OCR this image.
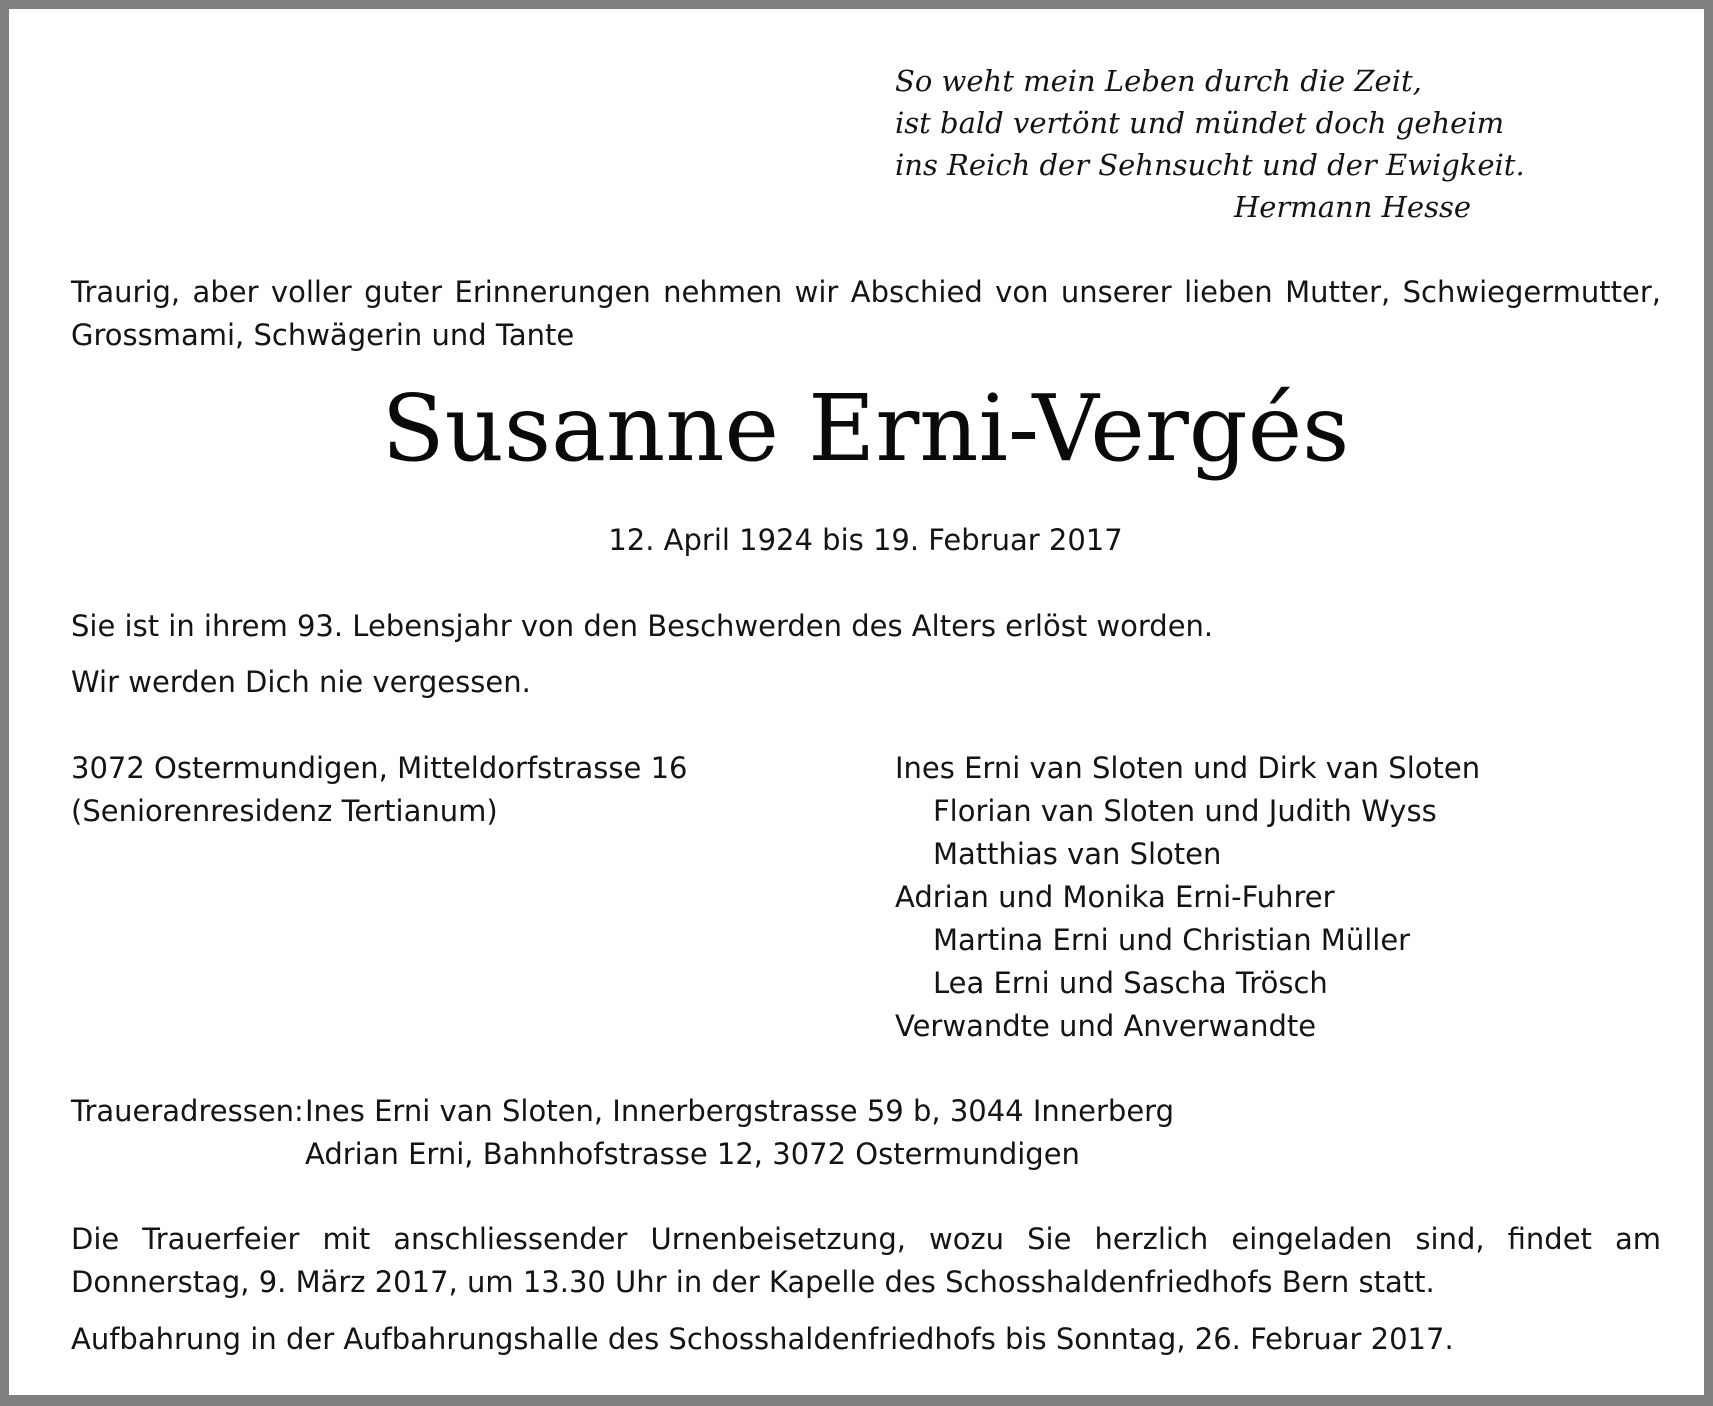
So weht mein Leben durch die Zeit,
ist bald vertönt und mündet doch geheim
ins Reich der Sehnsucht und der Ewigkeit.
Hermann Hesse
Traurig, aber voller guter Erinnerungen nehmen wir Abschied von unserer lieben Mutter, Schwiegermutter, Grossmami, Schwägerin und Tante
Susanne Erni-Vergés
12. April 1924 bis 19. Februar 2017
Sie ist in ihrem 93. Lebensjahr von den Beschwerden des Alters erlöst worden.
Wir werden Dich nie vergessen.
3072 Ostermundigen, Mitteldorfstrasse 16
(Seniorenresidenz Tertianum)
Ines Erni van Sloten und Dirk van Sloten
Florian van Sloten und Judith Wyss
Matthias van Sloten
Adrian und Monika Erni-Fuhrer
Martina Erni und Christian Müller
Lea Erni und Sascha Trösch
Verwandte und Anverwandte
Traueradressen: Ines Erni van Sloten, Innerbergstrasse 59 b, 3044 Innerberg
Adrian Erni, Bahnhofstrasse 12, 3072 Ostermundigen
Die Trauerfeier mit anschliessender Urnenbeisetzung, wozu Sie herzlich eingeladen sind, findet am Donnerstag, 9. März 2017, um 13.30 Uhr in der Kapelle des Schosshaldenfriedhofs Bern statt.
Aufbahrung in der Aufbahrungshalle des Schosshaldenfriedhofs bis Sonntag, 26. Februar 2017.
